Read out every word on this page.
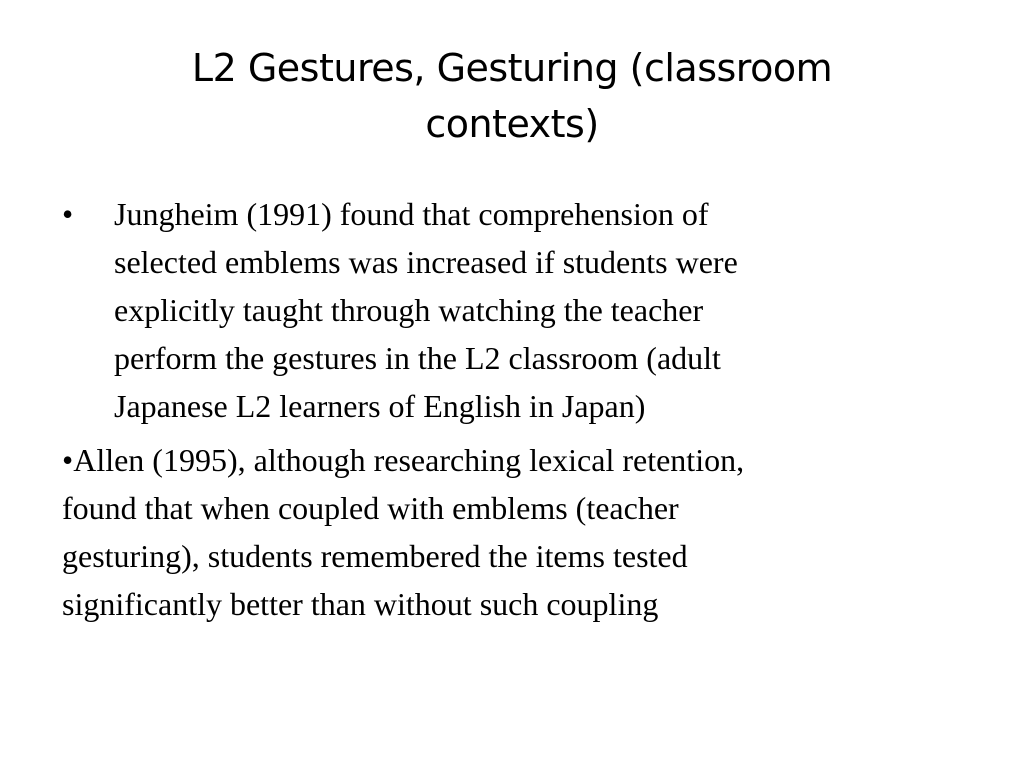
L2 Gestures, Gesturing (classroom
contexts)
•	Jungheim (1991) found that comprehension of
selected emblems was increased if students were
explicitly taught through watching the teacher
perform the gestures in the L2 classroom (adult
Japanese L2 learners of English in Japan)
•Allen (1995), although researching lexical retention,
found that when coupled with emblems (teacher
gesturing), students remembered the items tested
significantly better than without such coupling
